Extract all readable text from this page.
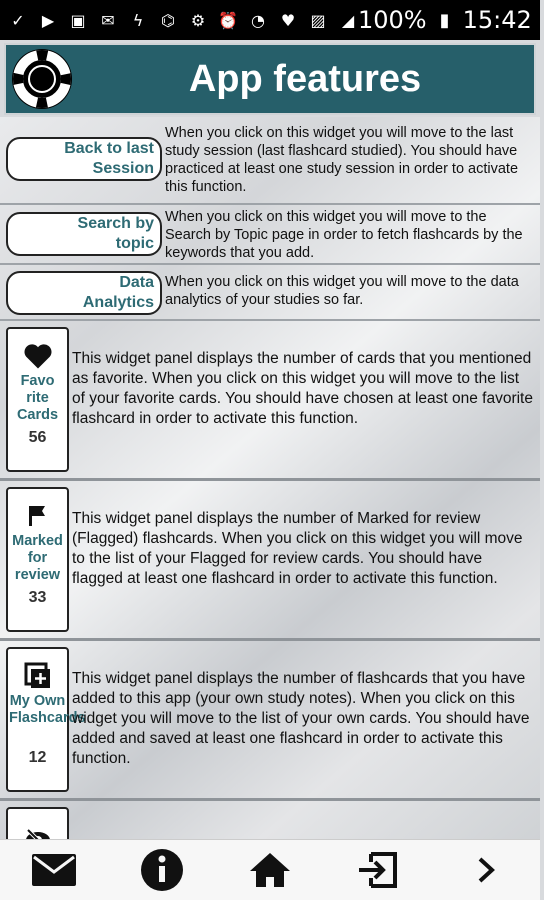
✓ ▶ ▣ ✉ ϟ ⌬ ⚙ ⏰ ◔ ♥ ▨ ◢ 100% ▮ 15:42
App features
Back to last
Session
When you click on this widget you will move to the last study session (last flashcard studied). You should have practiced at least one study session in order to activate this function.
Search by
topic
When you click on this widget you will move to the Search by Topic page in order to fetch flashcards by the keywords that you add.
Data
Analytics
When you click on this widget you will move to the data analytics of your studies so far.
Favo rite Cards
56
This widget panel displays the number of cards that you mentioned as favorite. When you click on this widget you will move to the list of your favorite cards. You should have chosen at least one favorite flashcard in order to activate this function.
Marked for review
33
This widget panel displays the number of Marked for review (Flagged) flashcards. When you click on this widget you will move to the list of your Flagged for review cards. You should have flagged at least one flashcard in order to activate this function.
My Own Flashcards
12
This widget panel displays the number of flashcards that you have added to this app (your own study notes). When you click on this widget you will move to the list of your own cards. You should have added and saved at least one flashcard in order to activate this function.
